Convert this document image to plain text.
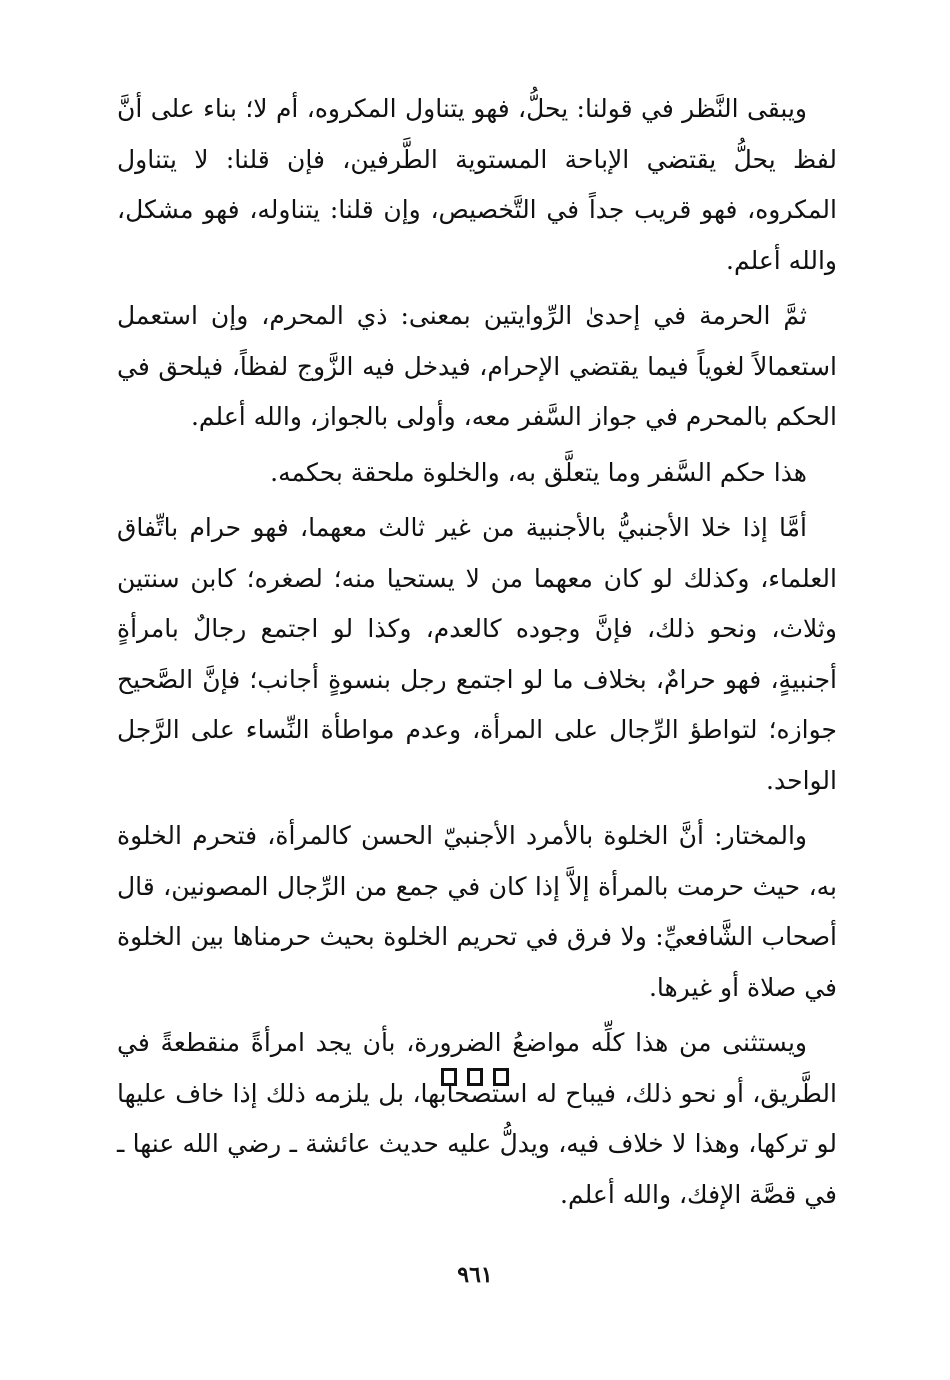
ويبقى النَّظر في قولنا: يحلُّ، فهو يتناول المكروه، أم لا؛ بناء على أنَّ لفظ يحلُّ يقتضي الإباحة المستوية الطَّرفين، فإن قلنا: لا يتناول المكروه، فهو قريب جداً في التَّخصيص، وإن قلنا: يتناوله، فهو مشكل، والله أعلم.

ثمَّ الحرمة في إحدىٰ الرِّوايتين بمعنى: ذي المحرم، وإن استعمل استعمالاً لغوياً فيما يقتضي الإحرام، فيدخل فيه الزَّوج لفظاً، فيلحق في الحكم بالمحرم في جواز السَّفر معه، وأولى بالجواز، والله أعلم.

هذا حكم السَّفر وما يتعلَّق به، والخلوة ملحقة بحكمه.

أمَّا إذا خلا الأجنبيُّ بالأجنبية من غير ثالث معهما، فهو حرام باتِّفاق العلماء، وكذلك لو كان معهما من لا يستحيا منه؛ لصغره؛ كابن سنتين وثلاث، ونحو ذلك، فإنَّ وجوده كالعدم، وكذا لو اجتمع رجالٌ بامرأةٍ أجنبيةٍ، فهو حرامٌ، بخلاف ما لو اجتمع رجل بنسوةٍ أجانب؛ فإنَّ الصَّحيح جوازه؛ لتواطؤ الرِّجال على المرأة، وعدم مواطأة النِّساء على الرَّجل الواحد.

والمختار: أنَّ الخلوة بالأمرد الأجنبيّ الحسن كالمرأة، فتحرم الخلوة به، حيث حرمت بالمرأة إلاَّ إذا كان في جمع من الرِّجال المصونين، قال أصحاب الشَّافعيِّ: ولا فرق في تحريم الخلوة بحيث حرمناها بين الخلوة في صلاة أو غيرها.

ويستثنى من هذا كلِّه مواضعُ الضرورة، بأن يجد امرأةً منقطعةً في الطَّريق، أو نحو ذلك، فيباح له استصحابها، بل يلزمه ذلك إذا خاف عليها لو تركها، وهذا لا خلاف فيه، ويدلُّ عليه حديث عائشة ـ رضي الله عنها ـ في قصَّة الإفك، والله أعلم.

٩٦١
